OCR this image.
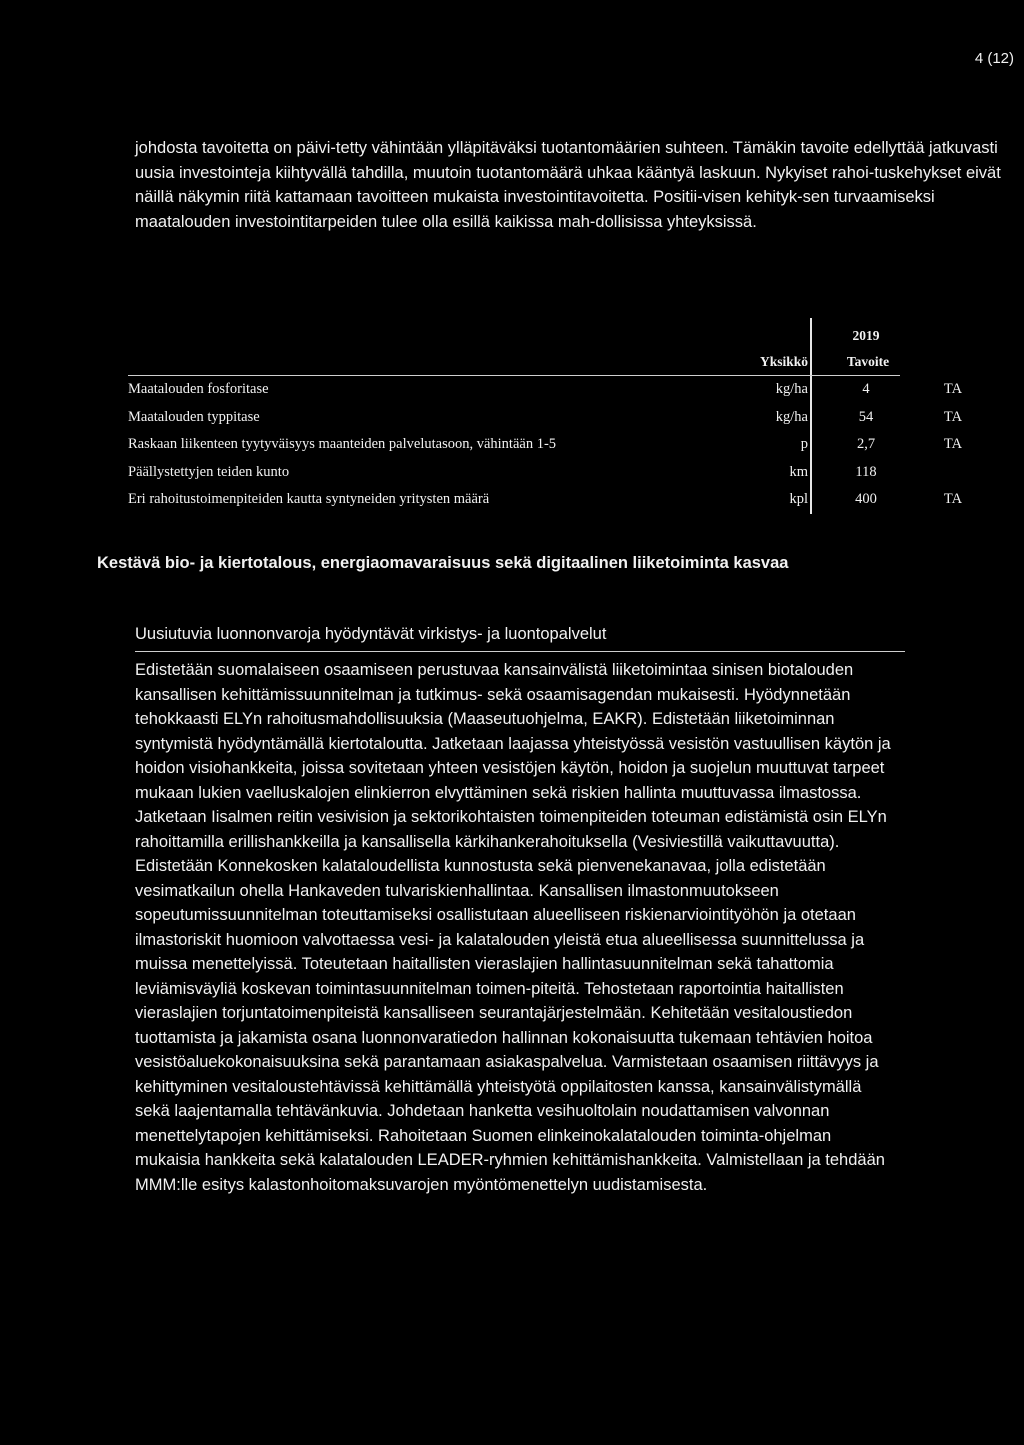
4 (12)

johdosta tavoitetta on päivi-tetty vähintään ylläpitäväksi tuotantomäärien suhteen. Tämäkin tavoite edellyttää jatkuvasti uusia investointeja kiihtyvällä tahdilla, muutoin tuotantomäärä uhkaa kääntyä laskuun. Nykyiset rahoi-tuskehykset eivät näillä näkymin riitä kattamaan tavoitteen mukaista investointitavoitetta. Positii-visen kehityk-sen turvaamiseksi maatalouden investointitarpeiden tulee olla esillä kaikissa mah-dollisissa yhteyksissä.

2019
Yksikkö	Tavoite
Maatalouden fosforitase	kg/ha	4	TA
Maatalouden typpitase	kg/ha	54	TA
Raskaan liikenteen tyytyväisyys maanteiden palvelutasoon, vähintään 1-5	p	2,7	TA
Päällystettyjen teiden kunto	km	118
Eri rahoitustoimenpiteiden kautta syntyneiden yritysten määrä	kpl	400	TA
Kestävä bio- ja kiertotalous, energiaomavaraisuus sekä digitaalinen liiketoiminta kasvaa
Uusiutuvia luonnonvaroja hyödyntävät virkistys- ja luontopalvelut

Edistetään suomalaiseen osaamiseen perustuvaa kansainvälistä liiketoimintaa sinisen biotalouden kansallisen kehittämissuunnitelman ja tutkimus- sekä osaamisagendan mukaisesti. Hyödynnetään tehokkaasti ELYn rahoitusmahdollisuuksia (Maaseutuohjelma, EAKR). Edistetään liiketoiminnan syntymistä hyödyntämällä kiertotaloutta. Jatketaan laajassa yhteistyössä vesistön vastuullisen käytön ja hoidon visiohankkeita, joissa sovitetaan yhteen vesistöjen käytön, hoidon ja suojelun muuttuvat tarpeet mukaan lukien vaelluskalojen elinkierron elvyttäminen sekä riskien hallinta muuttuvassa ilmastossa. Jatketaan Iisalmen reitin vesivision ja sektorikohtaisten toimenpiteiden toteuman edistämistä osin ELYn rahoittamilla erillishankkeilla ja kansallisella kärkihankerahoituksella (Vesiviestillä vaikuttavuutta). Edistetään Konnekosken kalataloudellista kunnostusta sekä pienvenekanavaa, jolla edistetään vesimatkailun ohella Hankaveden tulvariskienhallintaa. Kansallisen ilmastonmuutokseen sopeutumissuunnitelman toteuttamiseksi osallistutaan alueelliseen riskienarviointityöhön ja otetaan ilmastoriskit huomioon valvottaessa vesi- ja kalatalouden yleistä etua alueellisessa suunnittelussa ja muissa menettelyissä. Toteutetaan haitallisten vieraslajien hallintasuunnitelman sekä tahattomia leviämisväyliä koskevan toimintasuunnitelman toimen-piteitä. Tehostetaan raportointia haitallisten vieraslajien torjuntatoimenpiteistä kansalliseen seurantajärjestelmään. Kehitetään vesitaloustiedon tuottamista ja jakamista osana luonnonvaratiedon hallinnan kokonaisuutta tukemaan tehtävien hoitoa vesistöaluekokonaisuuksina sekä parantamaan asiakaspalvelua. Varmistetaan osaamisen riittävyys ja kehittyminen vesitaloustehtävissä kehittämällä yhteistyötä oppilaitosten kanssa, kansainvälistymällä sekä laajentamalla tehtävänkuvia. Johdetaan hanketta vesihuoltolain noudattamisen valvonnan menettelytapojen kehittämiseksi. Rahoitetaan Suomen elinkeinokalatalouden toiminta-ohjelman mukaisia hankkeita sekä kalatalouden LEADER-ryhmien kehittämishankkeita. Valmistellaan ja tehdään MMM:lle esitys kalastonhoitomaksuvarojen myöntömenettelyn uudistamisesta.
